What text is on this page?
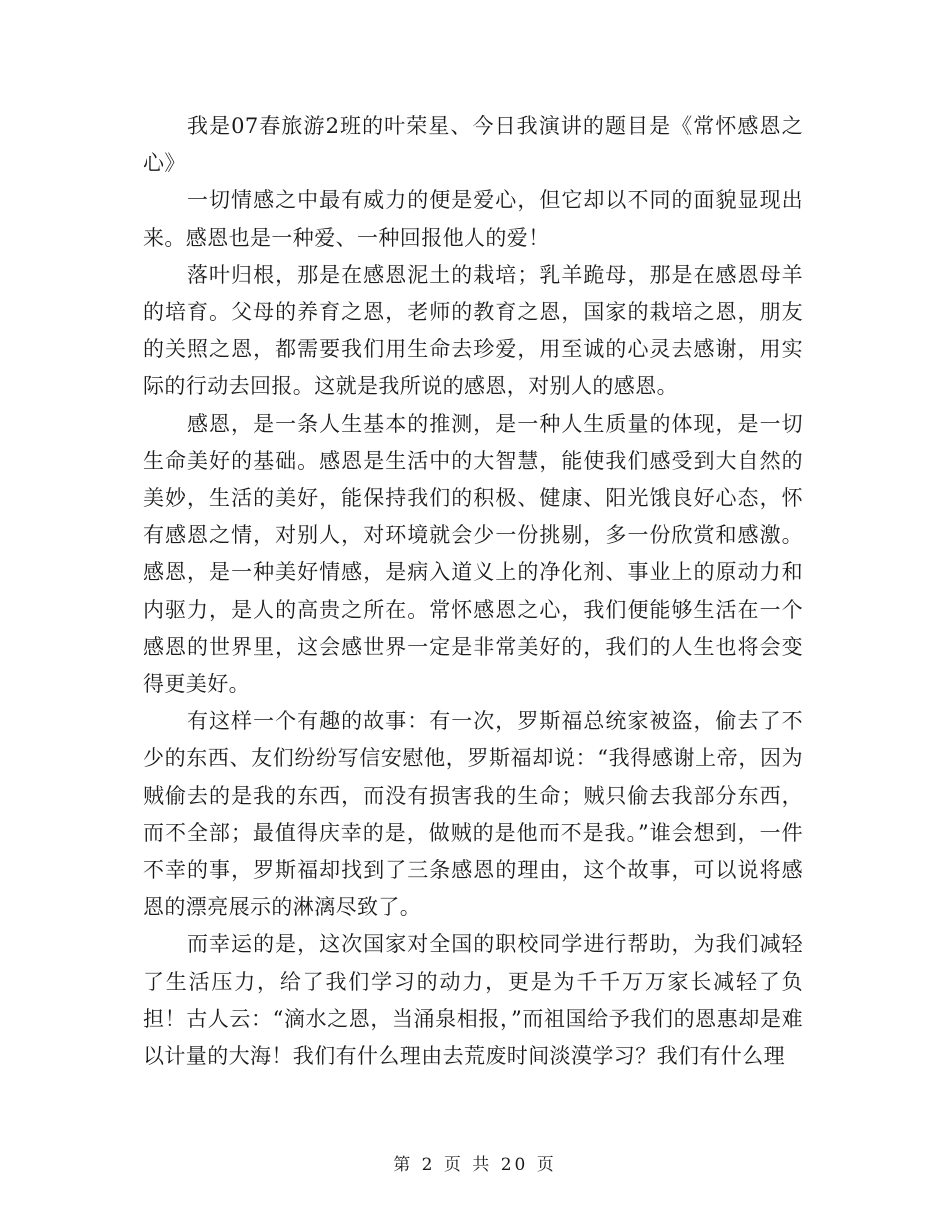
我是07春旅游2班的叶荣星、今日我演讲的题目是《常怀感恩之心》

一切情感之中最有威力的便是爱心，但它却以不同的面貌显现出来。感恩也是一种爱、一种回报他人的爱！

落叶归根，那是在感恩泥土的栽培；乳羊跪母，那是在感恩母羊的培育。父母的养育之恩，老师的教育之恩，国家的栽培之恩，朋友的关照之恩，都需要我们用生命去珍爱，用至诚的心灵去感谢，用实际的行动去回报。这就是我所说的感恩，对别人的感恩。

感恩，是一条人生基本的推测，是一种人生质量的体现，是一切生命美好的基础。感恩是生活中的大智慧，能使我们感受到大自然的美妙，生活的美好，能保持我们的积极、健康、阳光饿良好心态，怀有感恩之情，对别人，对环境就会少一份挑剔，多一份欣赏和感激。感恩，是一种美好情感，是病入道义上的净化剂、事业上的原动力和内驱力，是人的高贵之所在。常怀感恩之心，我们便能够生活在一个感恩的世界里，这会感世界一定是非常美好的，我们的人生也将会变得更美好。

有这样一个有趣的故事：有一次，罗斯福总统家被盗，偷去了不少的东西、友们纷纷写信安慰他，罗斯福却说：“我得感谢上帝，因为贼偷去的是我的东西，而没有损害我的生命；贼只偷去我部分东西，而不全部；最值得庆幸的是，做贼的是他而不是我。”谁会想到，一件不幸的事，罗斯福却找到了三条感恩的理由，这个故事，可以说将感恩的漂亮展示的淋漓尽致了。

而幸运的是，这次国家对全国的职校同学进行帮助，为我们减轻了生活压力，给了我们学习的动力，更是为千千万万家长减轻了负担！古人云：“滴水之恩，当涌泉相报，”而祖国给予我们的恩惠却是难以计量的大海！我们有什么理由去荒废时间淡漠学习？我们有什么理

第 2 页 共 20 页
